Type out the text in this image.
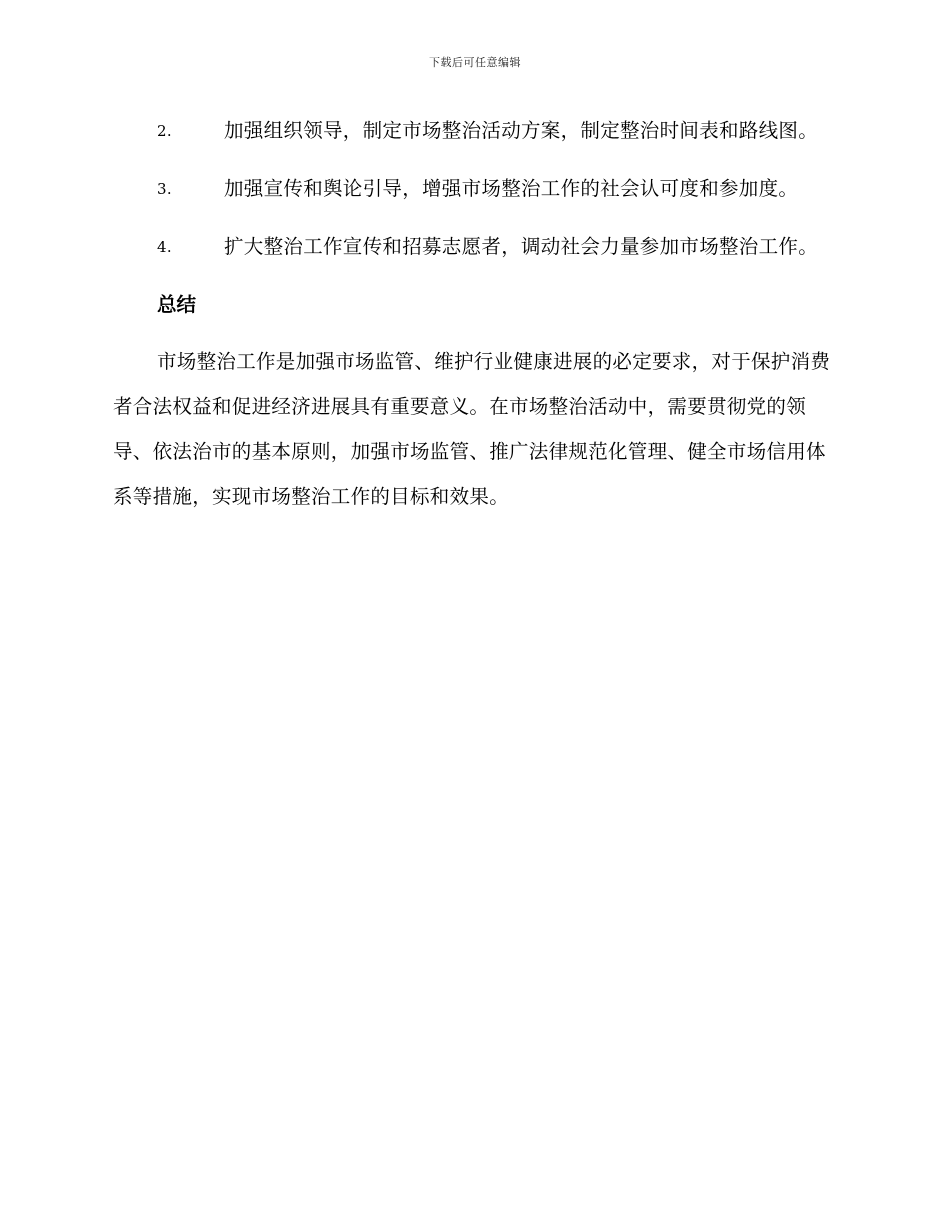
下载后可任意编辑
2.	加强组织领导，制定市场整治活动方案，制定整治时间表和路线图。
3.	加强宣传和舆论引导，增强市场整治工作的社会认可度和参加度。
4.	扩大整治工作宣传和招募志愿者，调动社会力量参加市场整治工作。
总结

市场整治工作是加强市场监管、维护行业健康进展的必定要求，对于保护消费者合法权益和促进经济进展具有重要意义。在市场整治活动中，需要贯彻党的领导、依法治市的基本原则，加强市场监管、推广法律规范化管理、健全市场信用体系等措施，实现市场整治工作的目标和效果。
